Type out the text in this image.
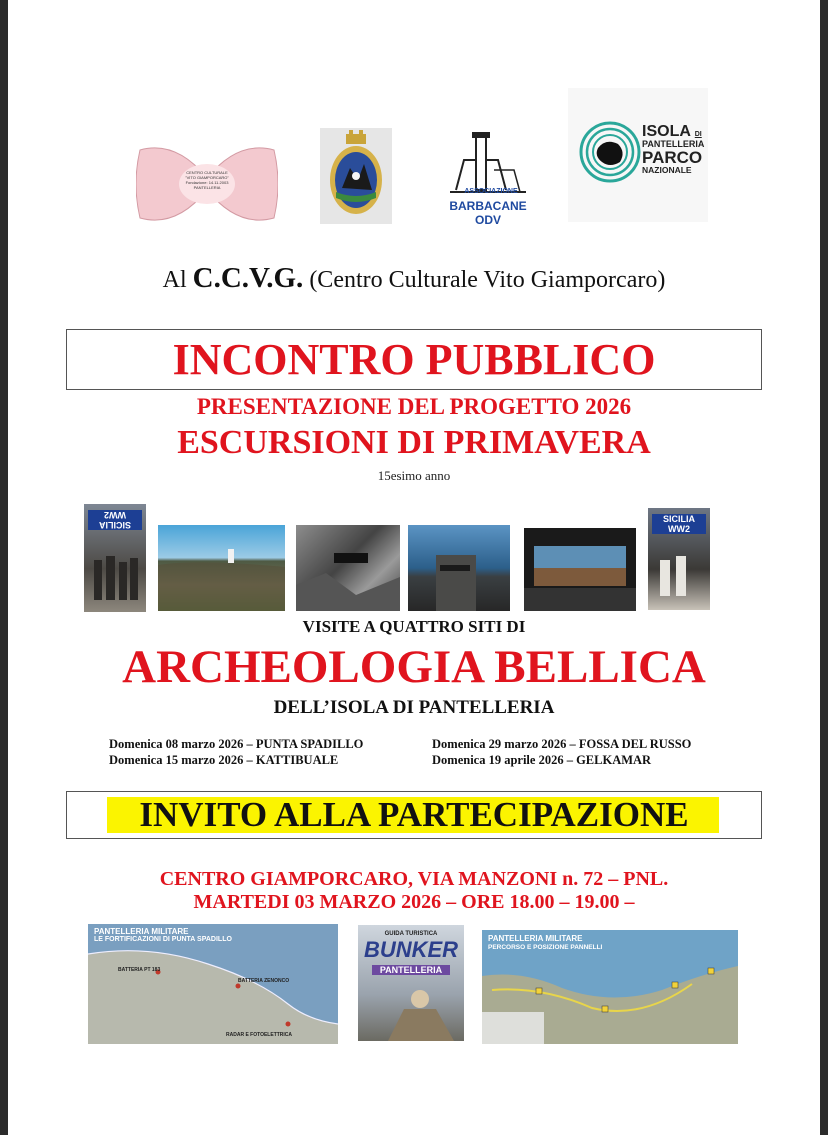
CENTRO CULTURALE
"VITO GIAMPORCARO"
Fondazione: 14.11.2003
PANTELLERIA
ASSOCIAZIONE
BARBACANE ODV
ISOLA DI
PANTELLERIA
PARCO
NAZIONALE
Al C.C.V.G. (Centro Culturale Vito Giamporcaro)
INCONTRO PUBBLICO
PRESENTAZIONE DEL PROGETTO 2026
ESCURSIONI DI PRIMAVERA
15esimo anno
SICILIA WW2	SICILIA WW2
VISITE A QUATTRO SITI DI
ARCHEOLOGIA BELLICA
DELL’ISOLA DI PANTELLERIA
Domenica 08 marzo 2026 – PUNTA SPADILLO	Domenica 29 marzo 2026 – FOSSA DEL RUSSO
Domenica 15 marzo 2026 – KATTIBUALE	Domenica 19 aprile 2026 – GELKAMAR
INVITO ALLA PARTECIPAZIONE
CENTRO GIAMPORCARO, VIA MANZONI n. 72 – PNL.
MARTEDI 03 MARZO 2026 – ORE 18.00 – 19.00 –
PANTELLERIA MILITARE
LE FORTIFICAZIONI DI PUNTA SPADILLO
BATTERIA PT 183
BATTERIA ZENONCO
RADAR E FOTOELETTRICA
GUIDA TURISTICA
BUNKER
PANTELLERIA
PANTELLERIA MILITARE
PERCORSO E POSIZIONE PANNELLI
